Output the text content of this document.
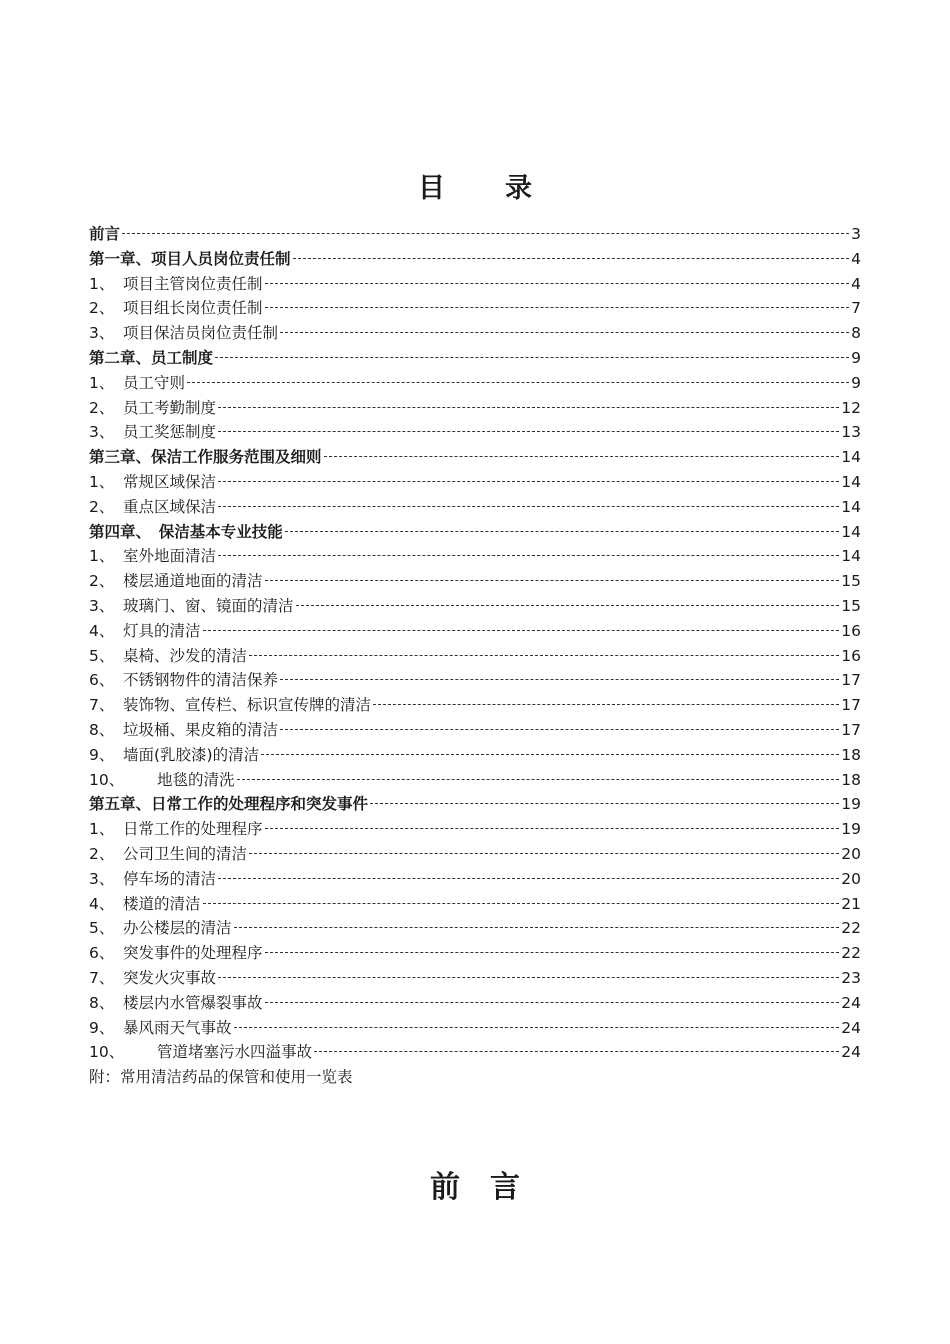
目 录
前言	3
第一章、项目人员岗位责任制	4
1、 项目主管岗位责任制	4
2、 项目组长岗位责任制	7
3、 项目保洁员岗位责任制	8
第二章、员工制度	9
1、 员工守则	9
2、 员工考勤制度	12
3、 员工奖惩制度	13
第三章、保洁工作服务范围及细则	14
1、 常规区域保洁	14
2、 重点区域保洁	14
第四章、　保洁基本专业技能	14
1、 室外地面清洁	14
2、 楼层通道地面的清洁	15
3、 玻璃门、窗、镜面的清洁	15
4、 灯具的清洁	16
5、 桌椅、沙发的清洁	16
6、 不锈钢物件的清洁保养	17
7、 装饰物、宣传栏、标识宣传牌的清洁	17
8、 垃圾桶、果皮箱的清洁	17
9、 墙面(乳胶漆)的清洁	18
10、	地毯的清洗	18
第五章、日常工作的处理程序和突发事件	19
1、 日常工作的处理程序	19
2、 公司卫生间的清洁	20
3、 停车场的清洁	20
4、 楼道的清洁	21
5、 办公楼层的清洁	22
6、 突发事件的处理程序	22
7、 突发火灾事故	23
8、 楼层内水管爆裂事故	24
9、 暴风雨天气事故	24
10、	管道堵塞污水四溢事故	24
附：常用清洁药品的保管和使用一览表
前 言
